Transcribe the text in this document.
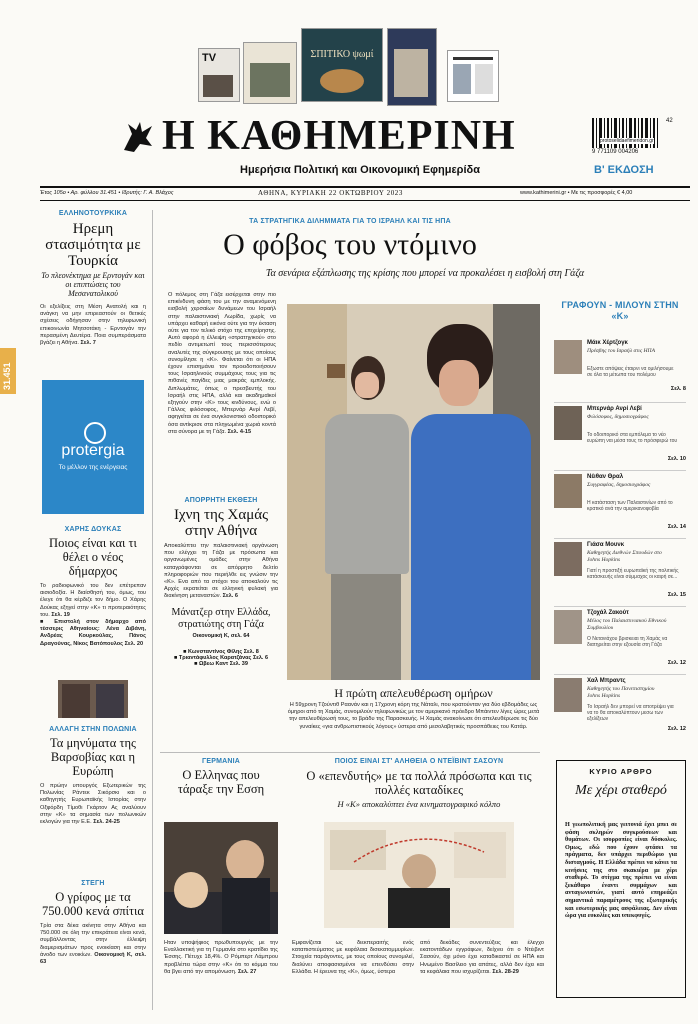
TV	ΣΠΙΤΙΚΟ ψωμί
Η ΚΑΘΗΜΕΡΙΝΗ
Ημερήσια Πολιτική και Οικονομική Εφημερίδα
42
protoselidaefimeridon.gr
9 771109 004206
Β' ΕΚΔΟΣΗ
Έτος 105ο • Αρ. φύλλου 31.451 • Ιδρυτής: Γ. Α. Βλάχος	ΑΘΗΝΑ, ΚΥΡΙΑΚΗ 22 ΟΚΤΩΒΡΙΟΥ 2023	www.kathimerini.gr • Με τις προσφορές € 4,00
31.451
ΕΛΛΗΝΟΤΟΥΡΚΙΚΑ
Ηρεμη στασιμότητα με Τουρκία
Το πλεονέκτημα με Ερντογάν και οι επιπτώσεις του Μεσανατολικού
Οι εξελίξεις στη Μέση Ανατολή και η ανάγκη να μην επιρεαστούν οι θετικές σχέσεις οδήγησαν στην τηλεφωνική επικοινωνία Μητσοτάκη - Ερντογάν την περασμένη Δευτέρα. Ποια συμπεράσματα βγάζει η Αθήνα. Σελ. 7
protergia
Το μέλλον της ενέργειας
ΧΑΡΗΣ ΔΟΥΚΑΣ
Ποιος είναι και τι θέλει ο νέος δήμαρχος
Το ραδιοφωνικό του δεν επέτρεπαν αισιοδοξία. Η διαίσθησή του, όμως, του έλεγε ότι θα κέρδιζε τον δήμο. Ο Χάρης Δούκας εξηγεί στην «Κ» τι προτεραιότητες του. Σελ. 19
■ Επιστολή στον δήμαρχο από τέσσερις Αθηναίους: Λένα Διβάνη, Ανδρέας Κουρκούλας, Πάνος Δραγούνας, Νίκος Βατόπουλος Σελ. 20
ΑΛΛΑΓΗ ΣΤΗΝ ΠΟΛΩΝΙΑ
Τα μηνύματα της Βαρσοβίας και η Ευρώπη
Ο πρώην υπουργός Εξωτερικών της Πολωνίας Ράντεκ Σικόρσκι και ο καθηγητής Ευρωπαϊκής Ιστορίας στην Οξφόρδη Τίμοθι Γκάρτον Ας αναλύουν στην «Κ» τα σημασία των πολωνικών εκλογών για την Ε.Ε. Σελ. 24-25
ΣΤΕΓΗ
Ο γρίφος με τα 750.000 κενά σπίτια
Τρία στα δέκα ακίνητα στην Αθήνα και 750.000 σε όλη την επικράτεια είναι κενά, συμβάλλοντας στην έλλειψη διαμερισμάτων προς ενοικίαση και στην άνοδο των ενοικίων. Οικονομική Κ, σελ. 63
ΤΑ ΣΤΡΑΤΗΓΙΚΑ ΔΙΛΗΜΜΑΤΑ ΓΙΑ ΤΟ ΙΣΡΑΗΛ ΚΑΙ ΤΙΣ ΗΠΑ
Ο φόβος του ντόμινο
Τα σενάρια εξάπλωσης της κρίσης που μπορεί να προκαλέσει η εισβολή στη Γάζα
Ο πόλεμος στη Γάζα εισέρχεται στην πιο επικίνδυνη φάση του με την αναμενόμενη εισβολή χερσαίων δυνάμεων του Ισραήλ στην παλαιστινιακή Λωρίδα, χωρίς να υπάρχει καθαρή εικόνα ούτε για την έκταση ούτε για τον τελικό στόχο της επιχείρησης. Αυτό αφορά η έλλειψη «στρατηγικού» στο πεδίο αντιμετωπί τους περισσότερους αναλυτές της σύγκρουσης με τους οποίους συνομίλησε η «Κ». Φαίνεται ότι οι ΗΠΑ έχουν επισημάνει τον προειδοποιήσουν τους Ισραηλινούς συμμάχους τους για τις πιθανές παγίδες μιας μακράς εμπλοκής. Διπλωμάτες, όπως ο πρεσβευτής του Ισραήλ στις ΗΠΑ, αλλά και ακαδημαϊκοί εξηγούν στην «Κ» τους κινδύνους, ενώ ο Γάλλος φιλόσοφος, Μπερνάρ Ανρί Λεβί, αφηγείται σε ένα συγκλονιστικό οδοιπορικό όσα αντίκρισε στα πληγωμένα χωριά κοντά στα σύνορα με τη Γάζα. Σελ. 4-15
ΑΠΟΡΡΗΤΗ ΕΚΘΕΣΗ
Ιχνη της Χαμάς στην Αθήνα
Αποκαλύπτει την παλαιστινιακή οργάνωση που ελέγχει τη Γάζα με πρόσωπα και οργανωμένες ομάδες στην Αθήνα καταγράφονται σε απόρρητο δελτίο πληροφοριών που περιήλθε εις γνώσιν την «Κ». Ενα από τα στόχοι του αποκαλούν τις Αρχές εκρατείται σε ελληνική φυλακή για διακίνηση μεταναστών. Σελ. 6
Μάνατζερ στην Ελλάδα, στρατιώτης στη Γάζα
Οικονομική Κ, σελ. 64
■ Κωνσταντίνος Φίλης Σελ. 8
■ Τριαντάφυλλος Καρατζάνας Σελ. 6
■ Ωβεω Καντ Σελ. 39
Η πρώτη απελευθέρωση ομήρων
Η 59χρονη Τζούντιθ Ραανάν και η 17χρονη κόρη της Νάταλι, που κρατούνταν για δύο εβδομάδες ως όμηροι από τη Χαμάς, συνομιλούν τηλεφωνικώς με τον αμερικανό πρόεδρο Μπάιντεν λίγες ώρες μετά την απελευθέρωσή τους, το βράδυ της Παρασκευής. Η Χαμάς ανακοίνωσε ότι απελευθέρωσε τις δύο γυναίκες «για ανθρωπιστικούς λόγους» ύστερα από μεσολαβητικές προσπάθειες του Κατάρ.
ΓΡΑΦΟΥΝ - ΜΙΛΟΥΝ ΣΤΗΝ «Κ»
Μάικ Χέρτζογκ
Πρέσβης του Ισραήλ στις ΗΠΑ
Εξωστε απόψεις έταιρνι να ομιλήσουμε σε όλα τα μέτωπα του πολέμου
Σελ. 8
Μπερνάρ Ανρί Λεβί
Φιλόσοφος, δημοσιογράφος
Το οδοιπορικό στα εμπόλεμα το νέο ευρώπη ναι μέσα τους το πρόσφερώ του
Σελ. 10
Νέιθαν Θραλ
Συγγραφέας, δημοσιογράφος
Η κατάσταση των Παλαιστινίων από το κρατικό ανά την αμερικανοφοβία
Σελ. 14
Γιάσα Μουνκ
Καθηγητής Διεθνών Σπουδών στο Johns Hopkins
Γιατί η προστιξή ευρωπαϊκή της πολιτικής κατάσκευής είναι σύμμαχος οι καιρή σε...
Σελ. 15
Τζοχάλ Ζακούτ
Μέλος του Παλαιστινιακού Εθνικού Συμβουλίου
Ο Νετανιάχου βρισκειαι τη Χαμάς να διατηρείται στην εξουσία στη Γάζα
Σελ. 12
Χαλ Μπραντς
Καθηγητής του Πανεπιστημίου Johns Hopkins
Το Ισραήλ δεν μπορεί να αποτρέψει για να το θα αποκαλύπτουν μεσω των εξελίξεων
Σελ. 12
ΓΕΡΜΑΝΙΑ
Ο Ελληνας που τάραξε την Εσση
Ηταν υποψήφιος πρωθυπουργός με την Εναλλακτική για τη Γερμανία στο κρατίδιο της Έσσης. Πέτυχε 18,4%. Ο Ρόμπερτ Λάμπρου προβλέπει τώρα στην «Κ» ότι το κόμμα του θα βγει από την απομόνωση. Σελ. 27
ΠΟΙΟΣ ΕΙΝΑΙ ΣΤ' ΑΛΗΘΕΙΑ Ο ΝΤΕΪΒΙΝΤ ΣΑΣΟΥΝ
Ο «επενδυτής» με τα πολλά πρόσωπα και τις πολλές καταδίκες
Η «Κ» αποκαλύπτει ένα κινηματογραφικό κόλπο
Εμφανίζεται ως διεκπεραιτής ενός καταπιστεύματος με κεφάλαια δισεκατομμυρίων. Στοιχεία παράγοντες, με τους οποίους συνομιλεί, διαλύνει αποφασισμένοι να επενδύσει στην Ελλάδα. Η έρευνα της «Κ», όμως, ύστερα
από δεκάδες συνεντεύξεις και έλεγχο εκατοντάδων εγγράφων, δείχνει ότι ο Ντέιβιντ Σασούν, όχι μόνο έχει καταδικαστεί σε ΗΠΑ και Ηνωμένο Βασίλειο για απάτες, αλλά δεν έχει και τα κεφάλαια που ισχυρίζεται. Σελ. 28-29
ΚΥΡΙΟ ΑΡΘΡΟ
Με χέρι σταθερό
Η γεωπολιτική μας γειτονιά έχει μπει σε φάση σκληρών συγκρούσεων και θυμάτων. Οι ισορροπίες είναι δύσκολες. Ομως, εδώ που έχουν φτάσει τα πράγματα, δεν υπάρχει περιθώριο για δισταγμούς. Η Ελλάδα πρέπει να κάνει τα κινήσεις της στο σκακιέρα με χέρι σταθερό. Το στίγμα της πρέπει να είναι ξεκάθαρο έναντι συμμάχων και ανταγωνιστών, γιατί αυτό επηρεάζει σημαντικά παραμέτρους της εξωτερικής και εσωτερικής μας ασφάλειας. Δεν είναι ώρα για ευκολίες και υπεκφυγές.
